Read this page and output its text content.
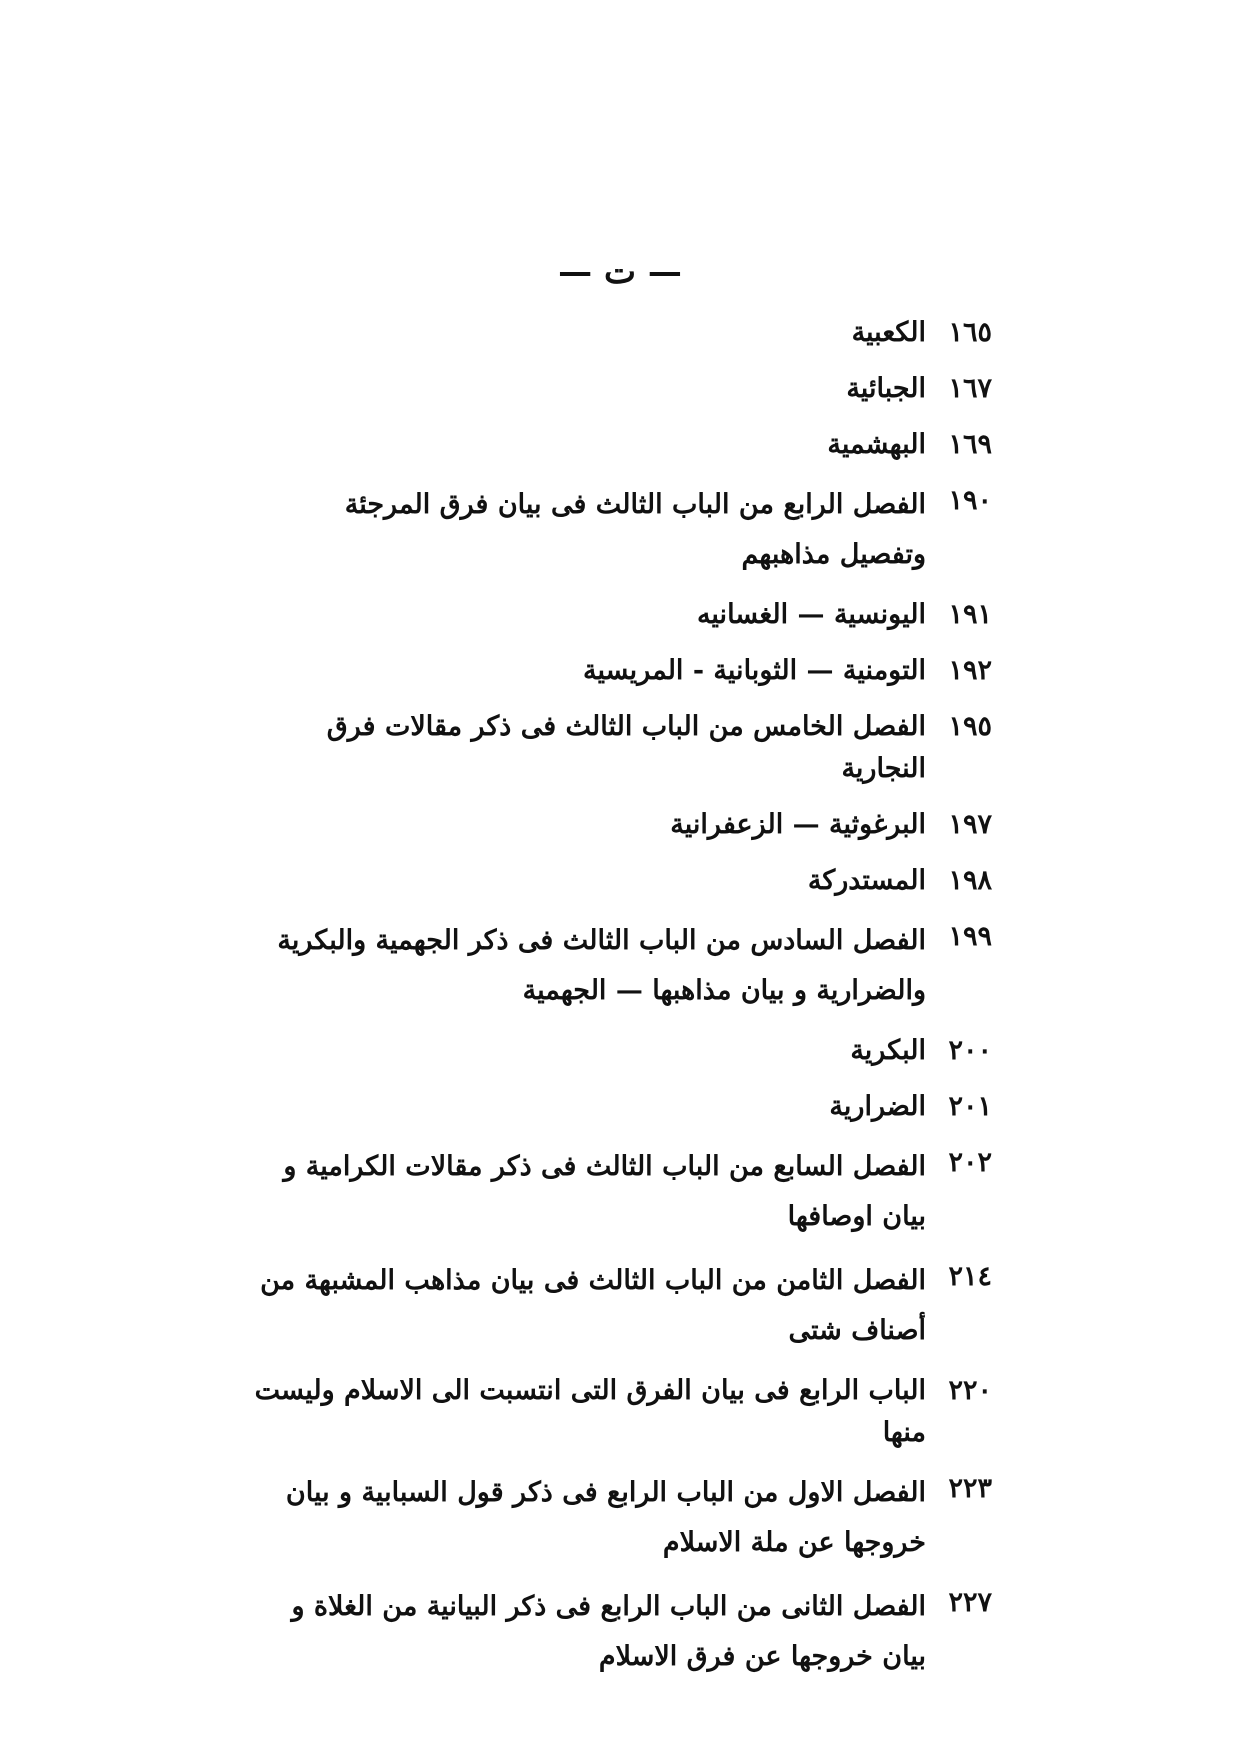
— ت —
١٦٥
الكعبية
١٦٧
الجبائية
١٦٩
البهشمية
١٩٠
الفصل الرابع من الباب الثالث فى بيان فرق المرجئة وتفصيل مذاهبهم
١٩١
اليونسية — الغسانيه
١٩٢
التومنية — الثوبانية - المريسية
١٩٥
الفصل الخامس من الباب الثالث فى ذكر مقالات فرق النجارية
١٩٧
البرغوثية — الزعفرانية
١٩٨
المستدركة
١٩٩
الفصل السادس من الباب الثالث فى ذكر الجهمية والبكرية والضرارية و بيان مذاهبها — الجهمية
٢٠٠
البكرية
٢٠١
الضرارية
٢٠٢
الفصل السابع من الباب الثالث فى ذكر مقالات الكرامية و بيان اوصافها
٢١٤
الفصل الثامن من الباب الثالث فى بيان مذاهب المشبهة من أصناف شتى
٢٢٠
الباب الرابع فى بيان الفرق التى انتسبت الى الاسلام وليست منها
٢٢٣
الفصل الاول من الباب الرابع فى ذكر قول السبابية و بيان خروجها عن ملة الاسلام
٢٢٧
الفصل الثانى من الباب الرابع فى ذكر البيانية من الغلاة و بيان خروجها عن فرق الاسلام
